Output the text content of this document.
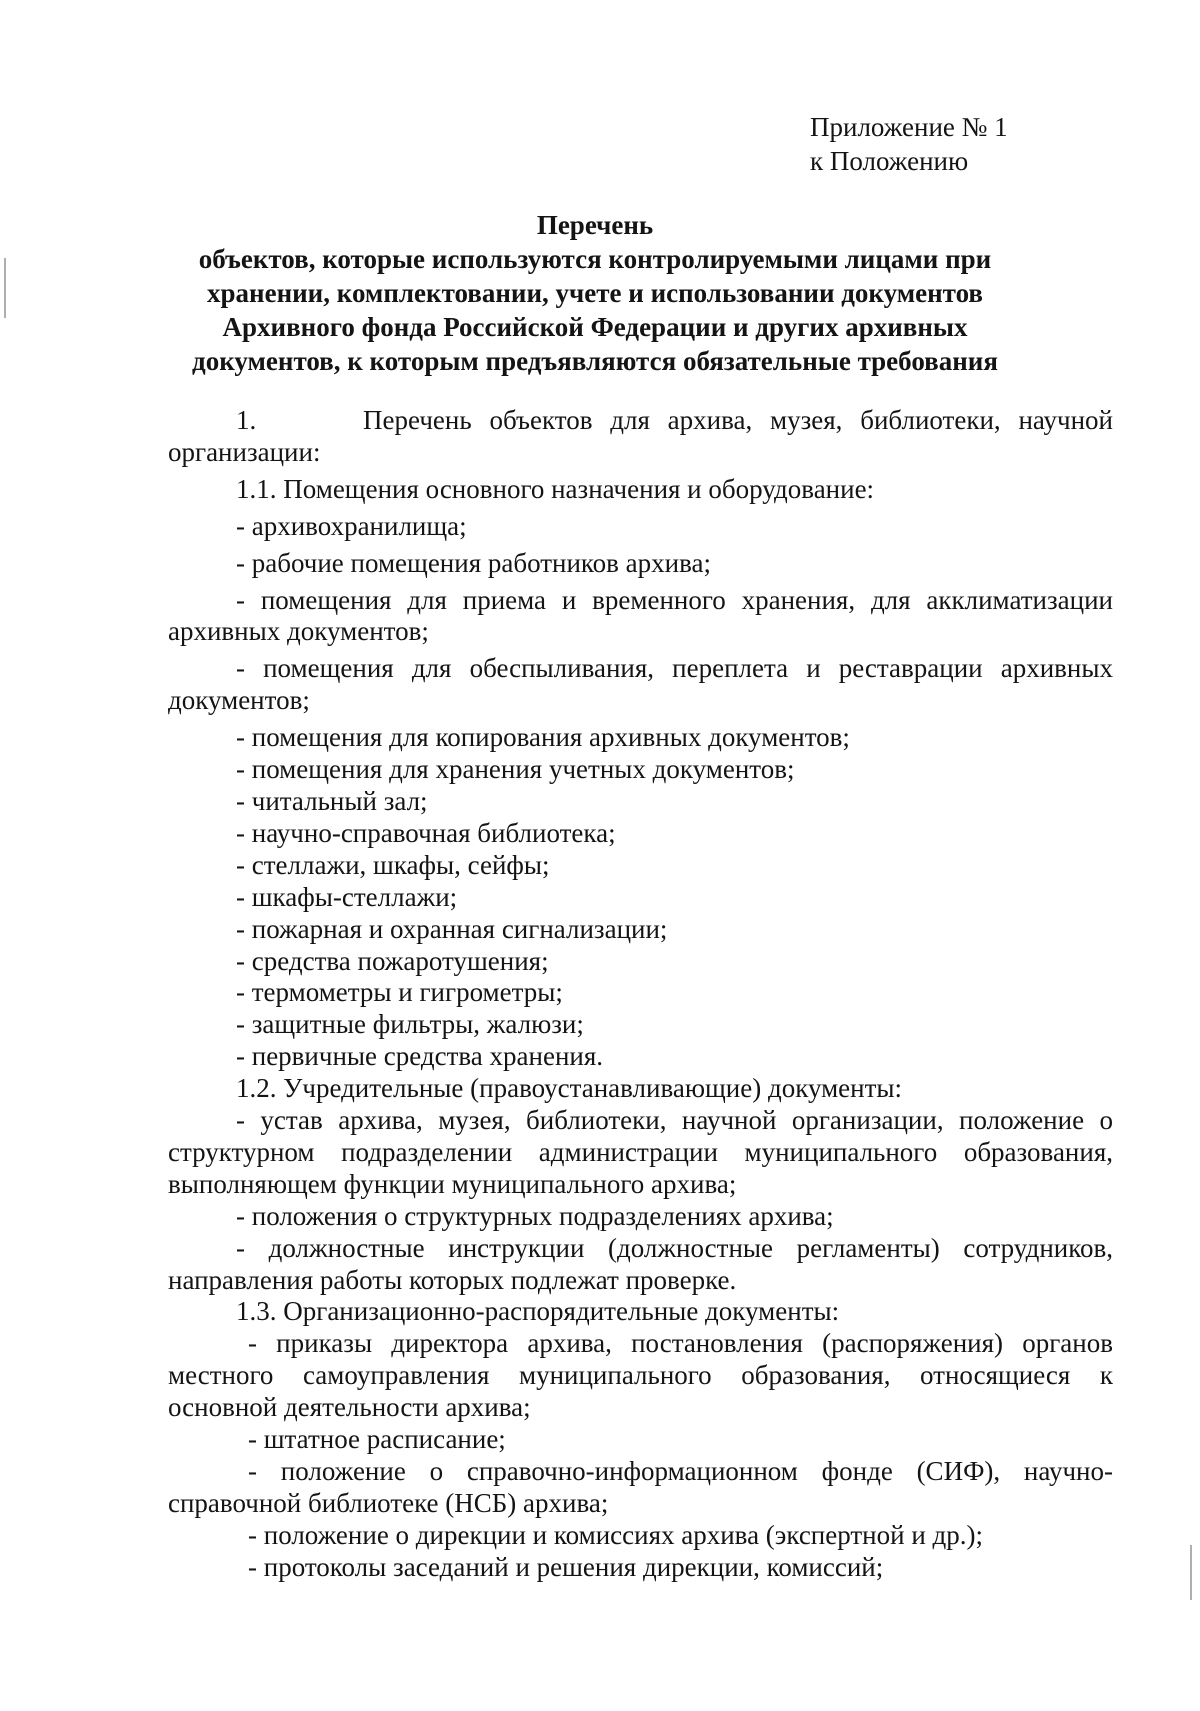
Приложение № 1
к Положению
Перечень
объектов, которые используются контролируемыми лицами при
хранении, комплектовании, учете и использовании документов
Архивного фонда Российской Федерации и других архивных
документов, к которым предъявляются обязательные требования

1.      Перечень объектов для архива, музея, библиотеки, научной организации:

1.1. Помещения основного назначения и оборудование:

- архивохранилища;

- рабочие помещения работников архива;

- помещения для приема и временного хранения, для акклиматизации архивных документов;

- помещения для обеспыливания, переплета и реставрации архивных документов;

- помещения для копирования архивных документов;

- помещения для хранения учетных документов;

- читальный зал;

- научно-справочная библиотека;

- стеллажи, шкафы, сейфы;

- шкафы-стеллажи;

- пожарная и охранная сигнализации;

- средства пожаротушения;

- термометры и гигрометры;

- защитные фильтры, жалюзи;

- первичные средства хранения.

1.2. Учредительные (правоустанавливающие) документы:

- устав архива, музея, библиотеки, научной организации, положение о структурном подразделении администрации муниципального образования, выполняющем функции муниципального архива;

- положения о структурных подразделениях архива;

- должностные инструкции (должностные регламенты) сотрудников, направления работы которых подлежат проверке.

1.3. Организационно-распорядительные документы:

- приказы директора архива, постановления (распоряжения) органов местного самоуправления муниципального образования, относящиеся к основной деятельности архива;

- штатное расписание;

- положение о справочно-информационном фонде (СИФ), научно-справочной библиотеке (НСБ) архива;

- положение о дирекции и комиссиях архива (экспертной и др.);

- протоколы заседаний и решения дирекции, комиссий;
